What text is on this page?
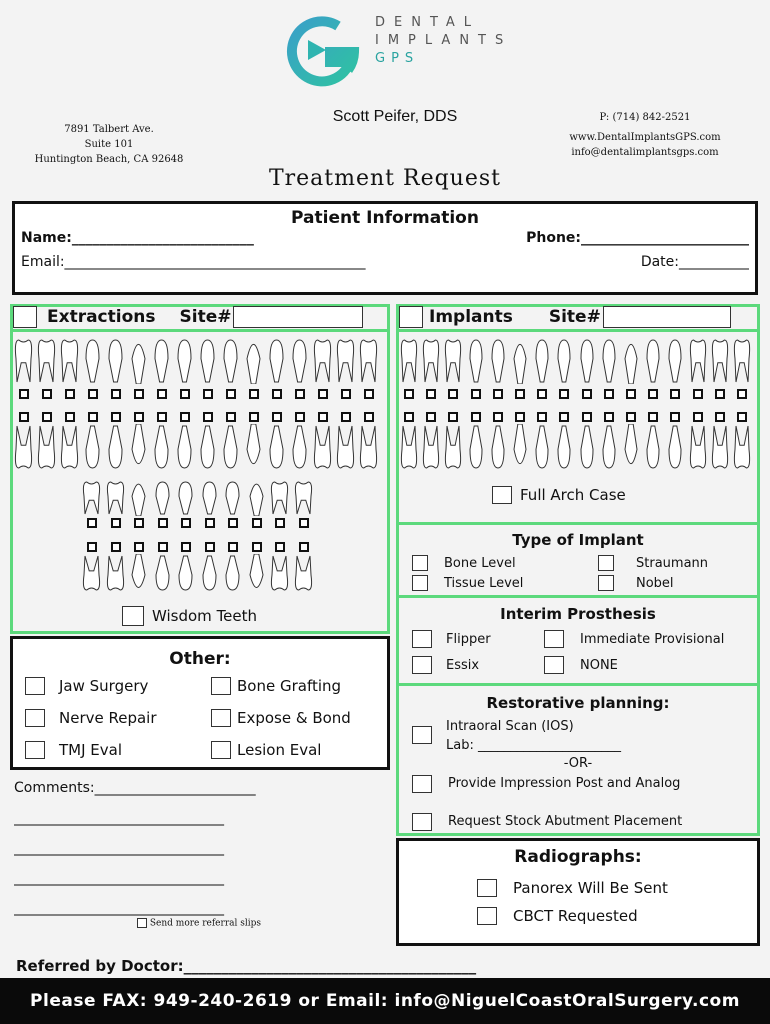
DENTAL
IMPLANTS
GPS
Scott Peifer, DDS
7891 Talbert Ave.
Suite 101
Huntington Beach, CA 92648
P: (714) 842-2521
www.DentalImplantsGPS.com
info@dentalimplantsgps.com
Treatment Request
Patient Information
Name:__________________________	Phone:________________________
Email:___________________________________________	Date:__________
Extractions Site#
Wisdom Teeth
Implants Site#
Full Arch Case
Type of Implant
Bone Level	Straumann
Tissue Level	Nobel
Interim Prosthesis
Flipper	Immediate Provisional
Essix	NONE
Restorative planning:
Intraoral Scan (IOS)
Lab: ______________________
-OR-
Provide Impression Post and Analog
Request Stock Abutment Placement
Other:
Jaw Surgery	Bone Grafting
Nerve Repair	Expose & Bond
TMJ Eval	Lesion Eval
Comments:_______________________
______________________________
______________________________
______________________________
______________________________
Send more referral slips
Radiographs:
Panorex Will Be Sent
CBCT Requested
Referred by Doctor:_______________________________________
Please FAX: 949-240-2619 or Email: info@NiguelCoastOralSurgery.com
